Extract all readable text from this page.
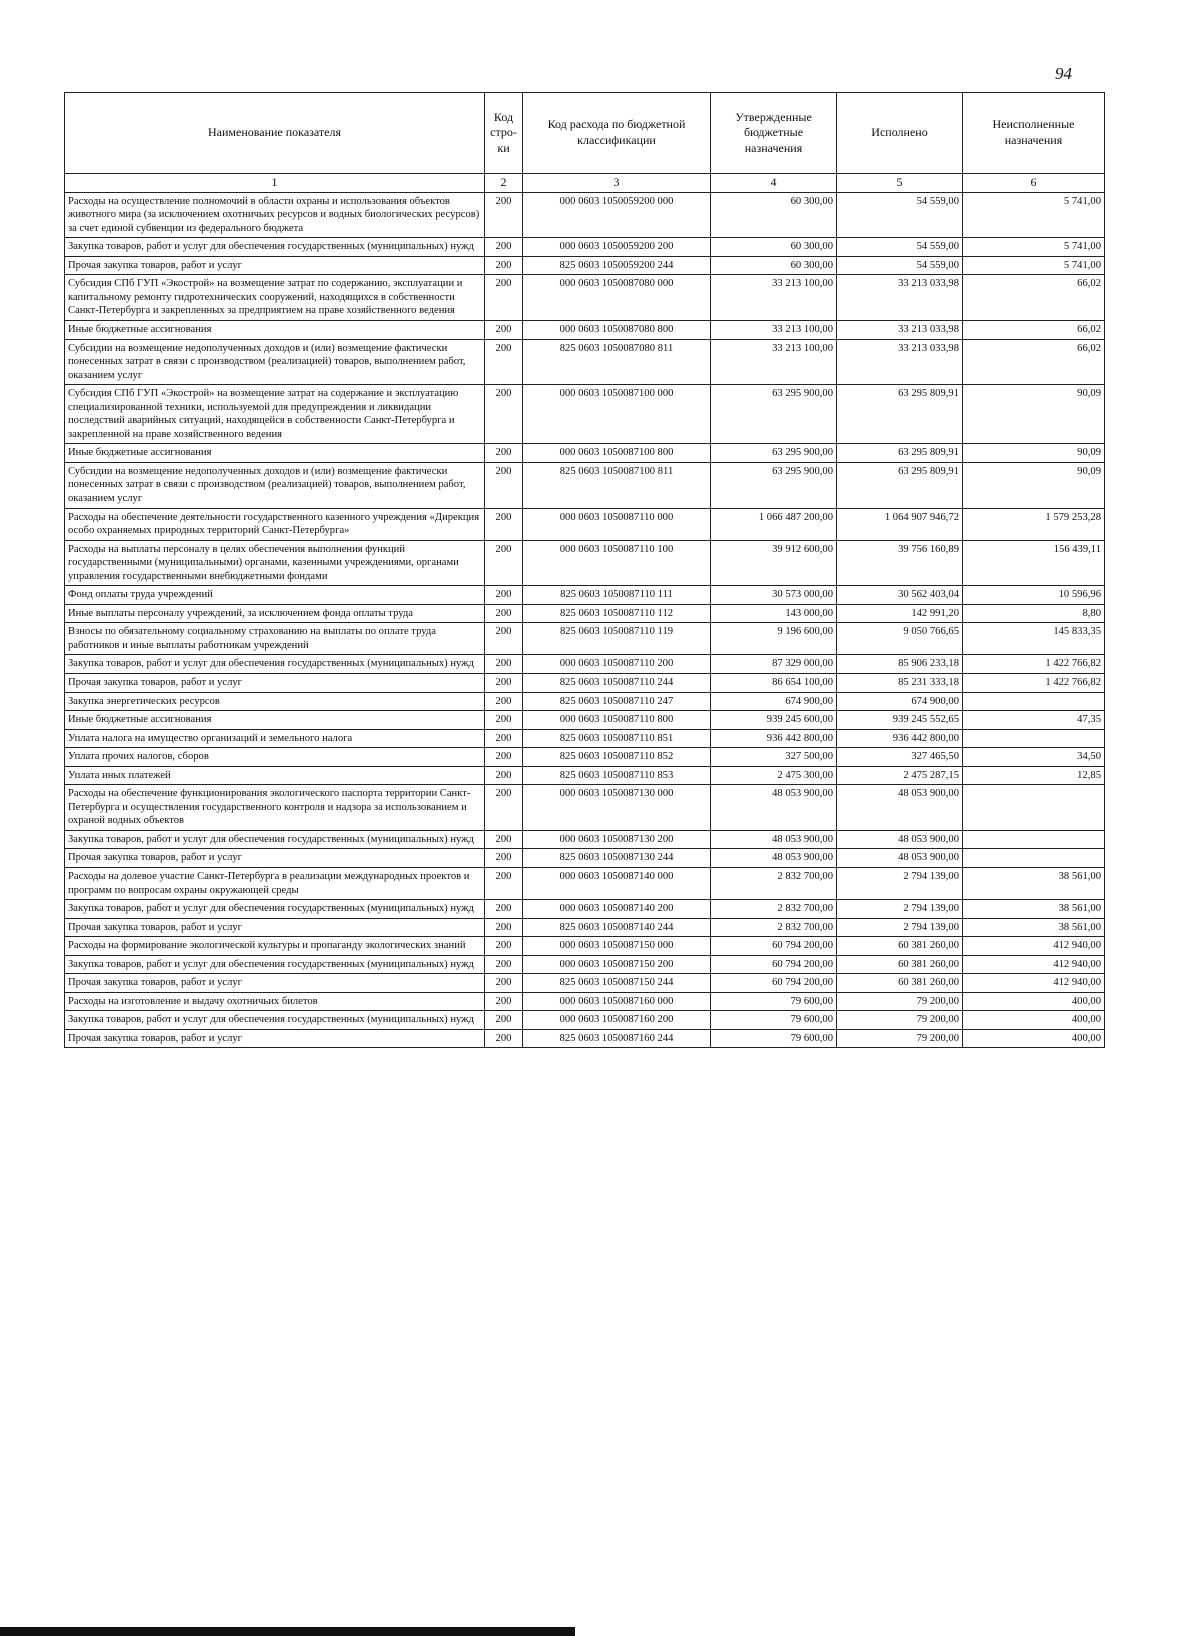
94
Наименование показателя	Код стро-ки	Код расхода по бюджетной классификации	Утвержденные бюджетные назначения	Исполнено	Неисполненные назначения
1	2	3	4	5	6
Расходы на осуществление полномочий в области охраны и использования объектов животного мира (за исключением охотничьих ресурсов и водных биологических ресурсов) за счет единой субвенции из федерального бюджета	200	000 0603 1050059200 000	60 300,00	54 559,00	5 741,00
Закупка товаров, работ и услуг для обеспечения государственных (муниципальных) нужд	200	000 0603 1050059200 200	60 300,00	54 559,00	5 741,00
Прочая закупка товаров, работ и услуг	200	825 0603 1050059200 244	60 300,00	54 559,00	5 741,00
Субсидия СПб ГУП «Экострой» на возмещение затрат по содержанию, эксплуатации и капитальному ремонту гидротехнических сооружений, находящихся в собственности Санкт-Петербурга и закрепленных за предприятием на праве хозяйственного ведения	200	000 0603 1050087080 000	33 213 100,00	33 213 033,98	66,02
Иные бюджетные ассигнования	200	000 0603 1050087080 800	33 213 100,00	33 213 033,98	66,02
Субсидии на возмещение недополученных доходов и (или) возмещение фактически понесенных затрат в связи с производством (реализацией) товаров, выполнением работ, оказанием услуг	200	825 0603 1050087080 811	33 213 100,00	33 213 033,98	66,02
Субсидия СПб ГУП «Экострой» на возмещение затрат на содержание и эксплуатацию специализированной техники, используемой для предупреждения и ликвидации последствий аварийных ситуаций, находящейся в собственности Санкт-Петербурга и закрепленной на праве хозяйственного ведения	200	000 0603 1050087100 000	63 295 900,00	63 295 809,91	90,09
Иные бюджетные ассигнования	200	000 0603 1050087100 800	63 295 900,00	63 295 809,91	90,09
Субсидии на возмещение недополученных доходов и (или) возмещение фактически понесенных затрат в связи с производством (реализацией) товаров, выполнением работ, оказанием услуг	200	825 0603 1050087100 811	63 295 900,00	63 295 809,91	90,09
Расходы на обеспечение деятельности государственного казенного учреждения «Дирекция особо охраняемых природных территорий Санкт-Петербурга»	200	000 0603 1050087110 000	1 066 487 200,00	1 064 907 946,72	1 579 253,28
Расходы на выплаты персоналу в целях обеспечения выполнения функций государственными (муниципальными) органами, казенными учреждениями, органами управления государственными внебюджетными фондами	200	000 0603 1050087110 100	39 912 600,00	39 756 160,89	156 439,11
Фонд оплаты труда учреждений	200	825 0603 1050087110 111	30 573 000,00	30 562 403,04	10 596,96
Иные выплаты персоналу учреждений, за исключением фонда оплаты труда	200	825 0603 1050087110 112	143 000,00	142 991,20	8,80
Взносы по обязательному социальному страхованию на выплаты по оплате труда работников и иные выплаты работникам учреждений	200	825 0603 1050087110 119	9 196 600,00	9 050 766,65	145 833,35
Закупка товаров, работ и услуг для обеспечения государственных (муниципальных) нужд	200	000 0603 1050087110 200	87 329 000,00	85 906 233,18	1 422 766,82
Прочая закупка товаров, работ и услуг	200	825 0603 1050087110 244	86 654 100,00	85 231 333,18	1 422 766,82
Закупка энергетических ресурсов	200	825 0603 1050087110 247	674 900,00	674 900,00	
Иные бюджетные ассигнования	200	000 0603 1050087110 800	939 245 600,00	939 245 552,65	47,35
Уплата налога на имущество организаций и земельного налога	200	825 0603 1050087110 851	936 442 800,00	936 442 800,00	
Уплата прочих налогов, сборов	200	825 0603 1050087110 852	327 500,00	327 465,50	34,50
Уплата иных платежей	200	825 0603 1050087110 853	2 475 300,00	2 475 287,15	12,85
Расходы на обеспечение функционирования экологического паспорта территории Санкт-Петербурга и осуществления государственного контроля и надзора за использованием и охраной водных объектов	200	000 0603 1050087130 000	48 053 900,00	48 053 900,00	
Закупка товаров, работ и услуг для обеспечения государственных (муниципальных) нужд	200	000 0603 1050087130 200	48 053 900,00	48 053 900,00	
Прочая закупка товаров, работ и услуг	200	825 0603 1050087130 244	48 053 900,00	48 053 900,00	
Расходы на долевое участие Санкт-Петербурга в реализации международных проектов и программ по вопросам охраны окружающей среды	200	000 0603 1050087140 000	2 832 700,00	2 794 139,00	38 561,00
Закупка товаров, работ и услуг для обеспечения государственных (муниципальных) нужд	200	000 0603 1050087140 200	2 832 700,00	2 794 139,00	38 561,00
Прочая закупка товаров, работ и услуг	200	825 0603 1050087140 244	2 832 700,00	2 794 139,00	38 561,00
Расходы на формирование экологической культуры и пропаганду экологических знаний	200	000 0603 1050087150 000	60 794 200,00	60 381 260,00	412 940,00
Закупка товаров, работ и услуг для обеспечения государственных (муниципальных) нужд	200	000 0603 1050087150 200	60 794 200,00	60 381 260,00	412 940,00
Прочая закупка товаров, работ и услуг	200	825 0603 1050087150 244	60 794 200,00	60 381 260,00	412 940,00
Расходы на изготовление и выдачу охотничьих билетов	200	000 0603 1050087160 000	79 600,00	79 200,00	400,00
Закупка товаров, работ и услуг для обеспечения государственных (муниципальных) нужд	200	000 0603 1050087160 200	79 600,00	79 200,00	400,00
Прочая закупка товаров, работ и услуг	200	825 0603 1050087160 244	79 600,00	79 200,00	400,00
